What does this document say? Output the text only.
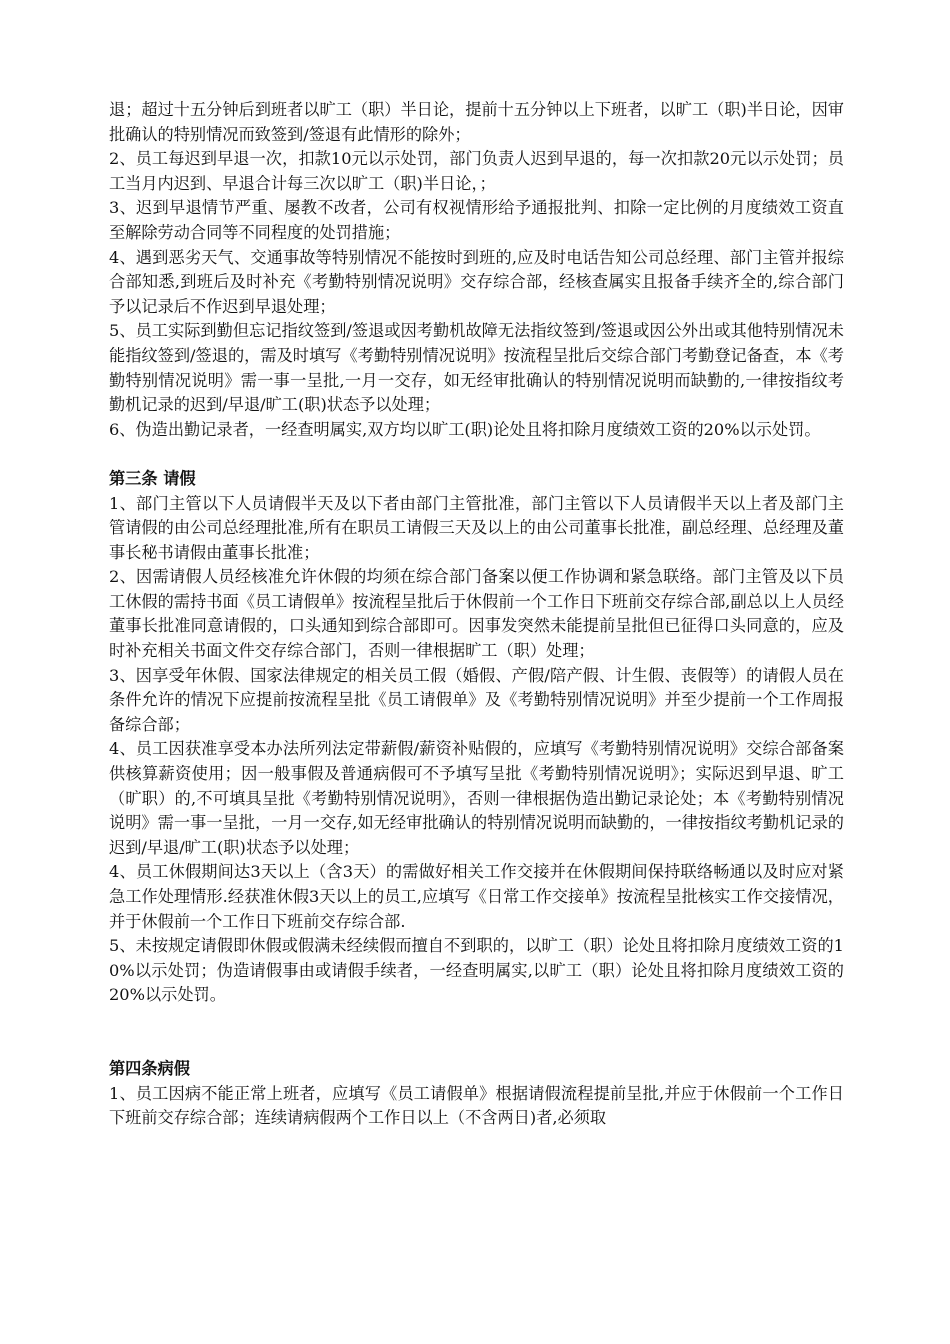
退；超过十五分钟后到班者以旷工（职）半日论，提前十五分钟以上下班者，以旷工（职)半日论，因审批确认的特别情况而致签到/签退有此情形的除外；

2、员工每迟到早退一次，扣款10元以示处罚，部门负责人迟到早退的，每一次扣款20元以示处罚；员工当月内迟到、早退合计每三次以旷工（职)半日论，；

3、迟到早退情节严重、屡教不改者，公司有权视情形给予通报批判、扣除一定比例的月度绩效工资直至解除劳动合同等不同程度的处罚措施；

4、遇到恶劣天气、交通事故等特别情况不能按时到班的,应及时电话告知公司总经理、部门主管并报综合部知悉,到班后及时补充《考勤特别情况说明》交存综合部，经核查属实且报备手续齐全的,综合部门予以记录后不作迟到早退处理；

5、员工实际到勤但忘记指纹签到/签退或因考勤机故障无法指纹签到/签退或因公外出或其他特别情况未能指纹签到/签退的，需及时填写《考勤特别情况说明》按流程呈批后交综合部门考勤登记备查，本《考勤特别情况说明》需一事一呈批,一月一交存，如无经审批确认的特别情况说明而缺勤的,一律按指纹考勤机记录的迟到/早退/旷工(职)状态予以处理；

6、伪造出勤记录者，一经查明属实,双方均以旷工(职)论处且将扣除月度绩效工资的20%以示处罚。

第三条 请假

1、部门主管以下人员请假半天及以下者由部门主管批准，部门主管以下人员请假半天以上者及部门主管请假的由公司总经理批准,所有在职员工请假三天及以上的由公司董事长批准，副总经理、总经理及董事长秘书请假由董事长批准；

2、因需请假人员经核准允许休假的均须在综合部门备案以便工作协调和紧急联络。部门主管及以下员工休假的需持书面《员工请假单》按流程呈批后于休假前一个工作日下班前交存综合部,副总以上人员经董事长批准同意请假的，口头通知到综合部即可。因事发突然未能提前呈批但已征得口头同意的，应及时补充相关书面文件交存综合部门，否则一律根据旷工（职）处理；

3、因享受年休假、国家法律规定的相关员工假（婚假、产假/陪产假、计生假、丧假等）的请假人员在条件允许的情况下应提前按流程呈批《员工请假单》及《考勤特别情况说明》并至少提前一个工作周报备综合部；

4、员工因获准享受本办法所列法定带薪假/薪资补贴假的，应填写《考勤特别情况说明》交综合部备案供核算薪资使用；因一般事假及普通病假可不予填写呈批《考勤特别情况说明》；实际迟到早退、旷工（旷职）的,不可填具呈批《考勤特别情况说明》，否则一律根据伪造出勤记录论处；本《考勤特别情况说明》需一事一呈批，一月一交存,如无经审批确认的特别情况说明而缺勤的，一律按指纹考勤机记录的迟到/早退/旷工(职)状态予以处理；

4、员工休假期间达3天以上（含3天）的需做好相关工作交接并在休假期间保持联络畅通以及时应对紧急工作处理情形.经获准休假3天以上的员工,应填写《日常工作交接单》按流程呈批核实工作交接情况，并于休假前一个工作日下班前交存综合部.

5、未按规定请假即休假或假满未经续假而擅自不到职的，以旷工（职）论处且将扣除月度绩效工资的10%以示处罚；伪造请假事由或请假手续者，一经查明属实,以旷工（职）论处且将扣除月度绩效工资的20%以示处罚。

第四条病假

1、员工因病不能正常上班者，应填写《员工请假单》根据请假流程提前呈批,并应于休假前一个工作日下班前交存综合部；连续请病假两个工作日以上（不含两日)者,必须取
